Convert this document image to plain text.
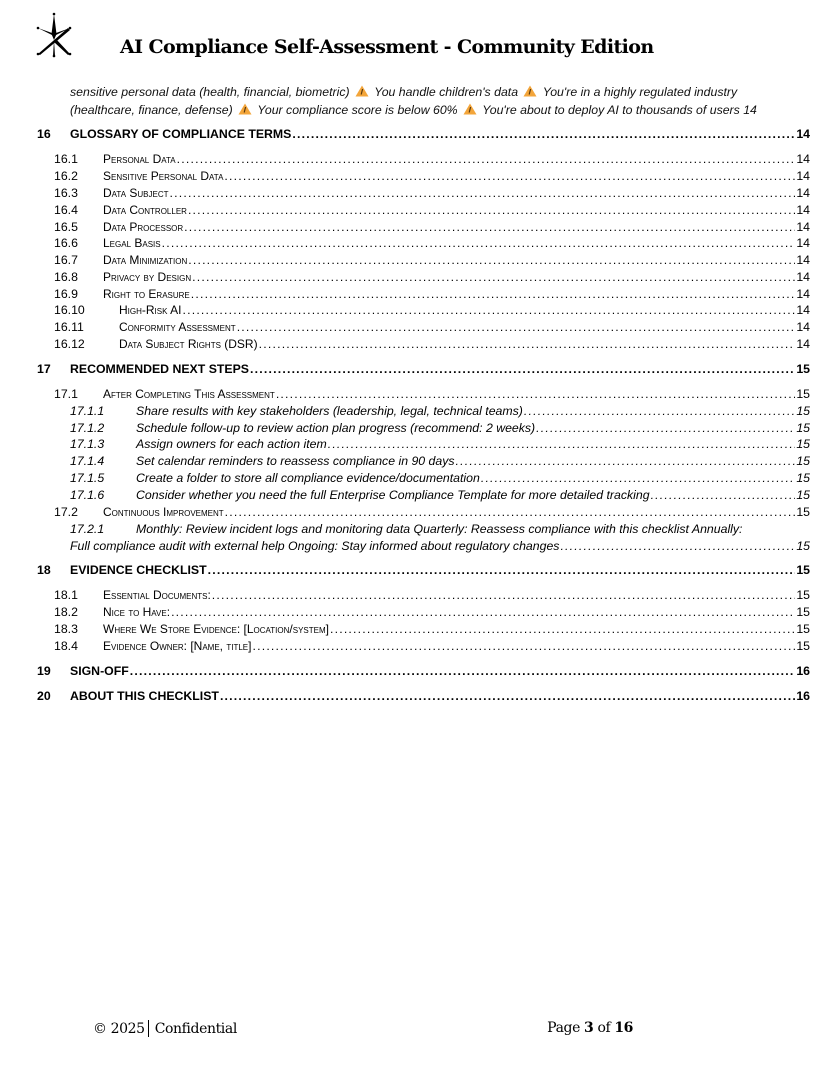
AI Compliance Self-Assessment - Community Edition
sensitive personal data (health, financial, biometric) You handle children's data You're in a highly regulated industry
(healthcare, finance, defense) Your compliance score is below 60% You're about to deploy AI to thousands of users 14
16 GLOSSARY OF COMPLIANCE TERMS .....	14
16.1 Personal Data .....	14
16.2 Sensitive Personal Data .....	14
16.3 Data Subject .....	14
16.4 Data Controller .....	14
16.5 Data Processor .....	14
16.6 Legal Basis .....	14
16.7 Data Minimization .....	14
16.8 Privacy by Design .....	14
16.9 Right to Erasure .....	14
16.10	High-Risk AI .....	14
16.11	Conformity Assessment .....	14
16.12	Data Subject Rights (DSR) .....	14
17 RECOMMENDED NEXT STEPS .....	15
17.1 After Completing This Assessment .....	15
17.1.1	Share results with key stakeholders (leadership, legal, technical teams) .....	15
17.1.2	Schedule follow-up to review action plan progress (recommend: 2 weeks) .....	15
17.1.3	Assign owners for each action item .....	15
17.1.4	Set calendar reminders to reassess compliance in 90 days .....	15
17.1.5	Create a folder to store all compliance evidence/documentation .....	15
17.1.6	Consider whether you need the full Enterprise Compliance Template for more detailed tracking .....	15
17.2 Continuous Improvement .....	15
17.2.1	Monthly: Review incident logs and monitoring data Quarterly: Reassess compliance with this checklist Annually:
Full compliance audit with external help Ongoing: Stay informed about regulatory changes .....	15
18 EVIDENCE CHECKLIST .....	15
18.1 Essential Documents: .....	15
18.2 Nice to Have: .....	15
18.3 Where We Store Evidence: [Location/system] .....	15
18.4 Evidence Owner: [Name, title] .....	15
19 SIGN-OFF .....	16
20 ABOUT THIS CHECKLIST .....	16
© 2025 Confidential	Page 3 of 16
